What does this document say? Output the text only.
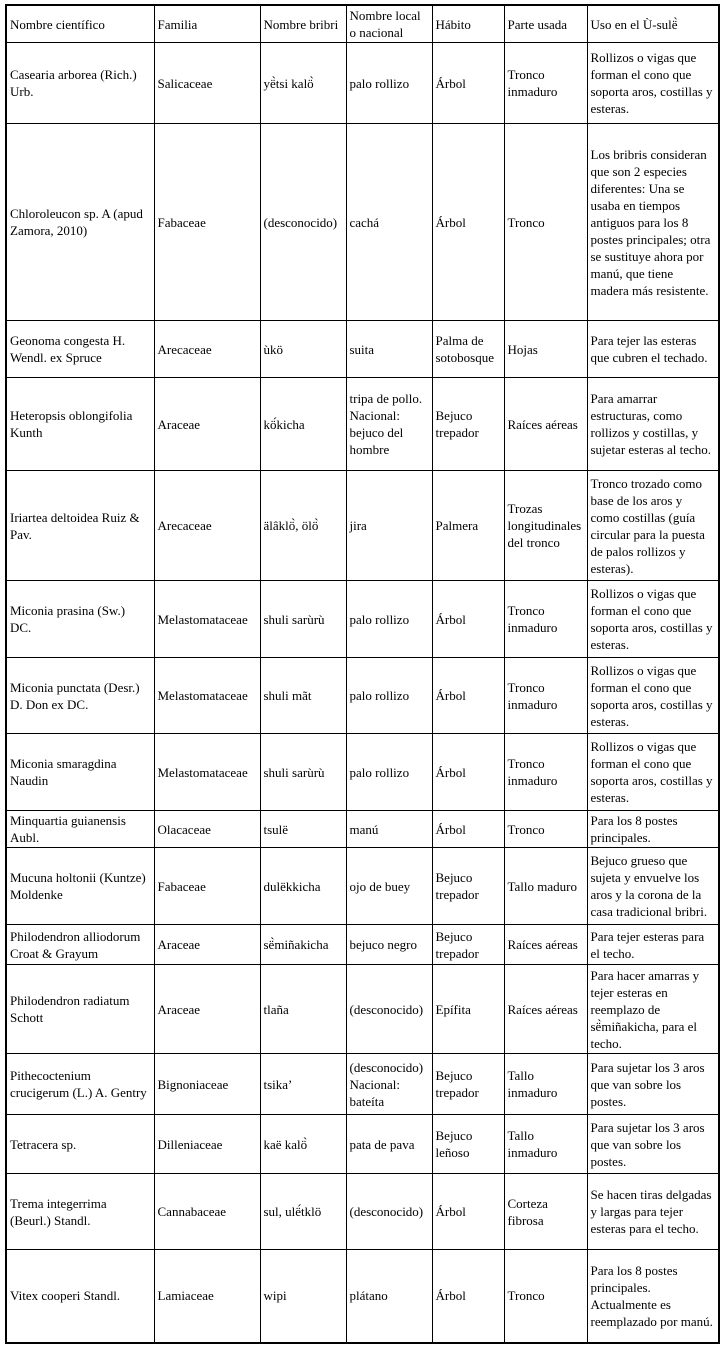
Nombre científico	Familia	Nombre bribri	Nombre local o nacional	Hábito	Parte usada	Uso en el Ù-sulë̀
Casearia arborea (Rich.) Urb.	Salicaceae	yë̀tsi kalö̀	palo rollizo	Árbol	Tronco inmaduro	Rollizos o vigas que forman el cono que soporta aros, costillas y esteras.
Chloroleucon sp. A (apud Zamora, 2010)	Fabaceae	(desconocido)	cachá	Árbol	Tronco	Los bribris consideran que son 2 especies diferentes: Una se usaba en tiempos antiguos para los 8 postes principales; otra se sustituye ahora por manú, que tiene madera más resistente.
Geonoma congesta H. Wendl. ex Spruce	Arecaceae	ùkö	suita	Palma de sotobosque	Hojas	Para tejer las esteras que cubren el techado.
Heteropsis oblongifolia Kunth	Araceae	kö́kicha	tripa de pollo. Nacional: bejuco del hombre	Bejuco trepador	Raíces aéreas	Para amarrar estructuras, como rollizos y costillas, y sujetar esteras al techo.
Iriartea deltoidea Ruiz & Pav.	Arecaceae	älâklö̀, ölö̀	jira	Palmera	Trozas longitudinales del tronco	Tronco trozado como base de los aros y como costillas (guía circular para la puesta de palos rollizos y esteras).
Miconia prasina (Sw.) DC.	Melastomataceae	shuli sarùrù	palo rollizo	Árbol	Tronco inmaduro	Rollizos o vigas que forman el cono que soporta aros, costillas y esteras.
Miconia punctata (Desr.) D. Don ex DC.	Melastomataceae	shuli mãt	palo rollizo	Árbol	Tronco inmaduro	Rollizos o vigas que forman el cono que soporta aros, costillas y esteras.
Miconia smaragdina Naudin	Melastomataceae	shuli sarùrù	palo rollizo	Árbol	Tronco inmaduro	Rollizos o vigas que forman el cono que soporta aros, costillas y esteras.
Minquartia guianensis Aubl.	Olacaceae	tsulë	manú	Árbol	Tronco	Para los 8 postes principales.
Mucuna holtonii (Kuntze) Moldenke	Fabaceae	dulëkkicha	ojo de buey	Bejuco trepador	Tallo maduro	Bejuco grueso que sujeta y envuelve los aros y la corona de la casa tradicional bribri.
Philodendron alliodorum Croat & Grayum	Araceae	së̀miñakicha	bejuco negro	Bejuco trepador	Raíces aéreas	Para tejer esteras para el techo.
Philodendron radiatum Schott	Araceae	tlaña	(desconocido)	Epífita	Raíces aéreas	Para hacer amarras y tejer esteras en reemplazo de së̀miñakicha, para el techo.
Pithecoctenium crucigerum (L.) A. Gentry	Bignoniaceae	tsika’	(desconocido) Nacional: bateíta	Bejuco trepador	Tallo inmaduro	Para sujetar los 3 aros que van sobre los postes.
Tetracera sp.	Dilleniaceae	kaë kalö̀	pata de pava	Bejuco leñoso	Tallo inmaduro	Para sujetar los 3 aros que van sobre los postes.
Trema integerrima (Beurl.) Standl.	Cannabaceae	sul, ulë́tklö	(desconocido)	Árbol	Corteza fibrosa	Se hacen tiras delgadas y largas para tejer esteras para el techo.
Vitex cooperi Standl.	Lamiaceae	wipi	plátano	Árbol	Tronco	Para los 8 postes principales. Actualmente es reemplazado por manú.
